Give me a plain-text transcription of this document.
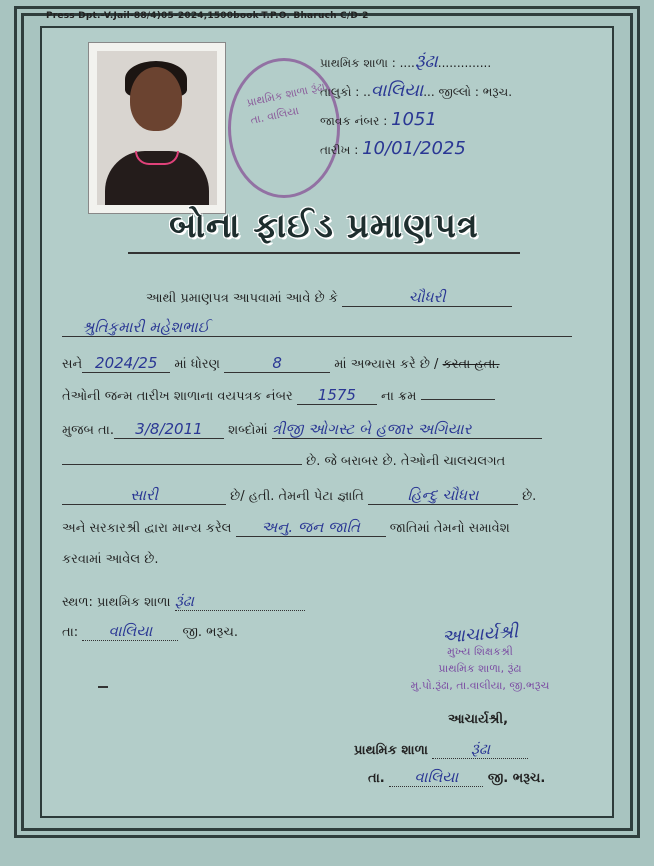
Press Dpt.-V.Jail-88/4)05-2024,1500book-T.P.O. Bharuch C/D-2
પ્રાથમિક શાળા રૂંઢા તા. વાલિયા
પ્રાથમિક શાળા : ....રૂંઢા..............
તાલુકો : ..વાલિયા... જીલ્લો : ભરૂચ.
જાવક નંબર : 1051
તારીખ : 10/01/2025
બોના ફાઈડ પ્રમાણપત્ર
આથી પ્રમાણપત્ર આપવામાં આવે છે કે	ચૌધરી
શ્રુતિકુમારી મહેશભાઈ
સને 2024/25 માં ધોરણ	8	માં અભ્યાસ કરે છે / કરતા હતા.
તેઓની જન્મ તારીખ શાળાના વયપત્રક નંબર 1575 ના ક્રમ
મુજબ તા. 3/8/2011 શબ્દોમાં ત્રીજી ઓગસ્ટ બે હજાર અગિયાર
છે. જે બરાબર છે. તેઓની ચાલચલગત
સારી	છે/ હતી. તેમની પેટા જ્ઞાતિ	હિન્દુ ચૌધરા	છે.
અને સરકારશ્રી દ્વારા માન્ય કરેલ અનુ. જન જાતિ જાતિમાં તેમનો સમાવેશ
કરવામાં આવેલ છે.
સ્થળ: પ્રાથમિક શાળા રૂંઢા
તા: વાલિયા જી. ભરૂચ.	આચાર્યશ્રી
મુખ્ય શિક્ષકશ્રી
પ્રાથમિક શાળા, રૂંઢા
મુ.પો.રૂંઢા, તા.વાલીયા, જી.ભરૂચ
આચાર્યશ્રી,
પ્રાથમિક શાળા	રૂંઢા
તા. વાલિયા જી. ભરૂચ.
